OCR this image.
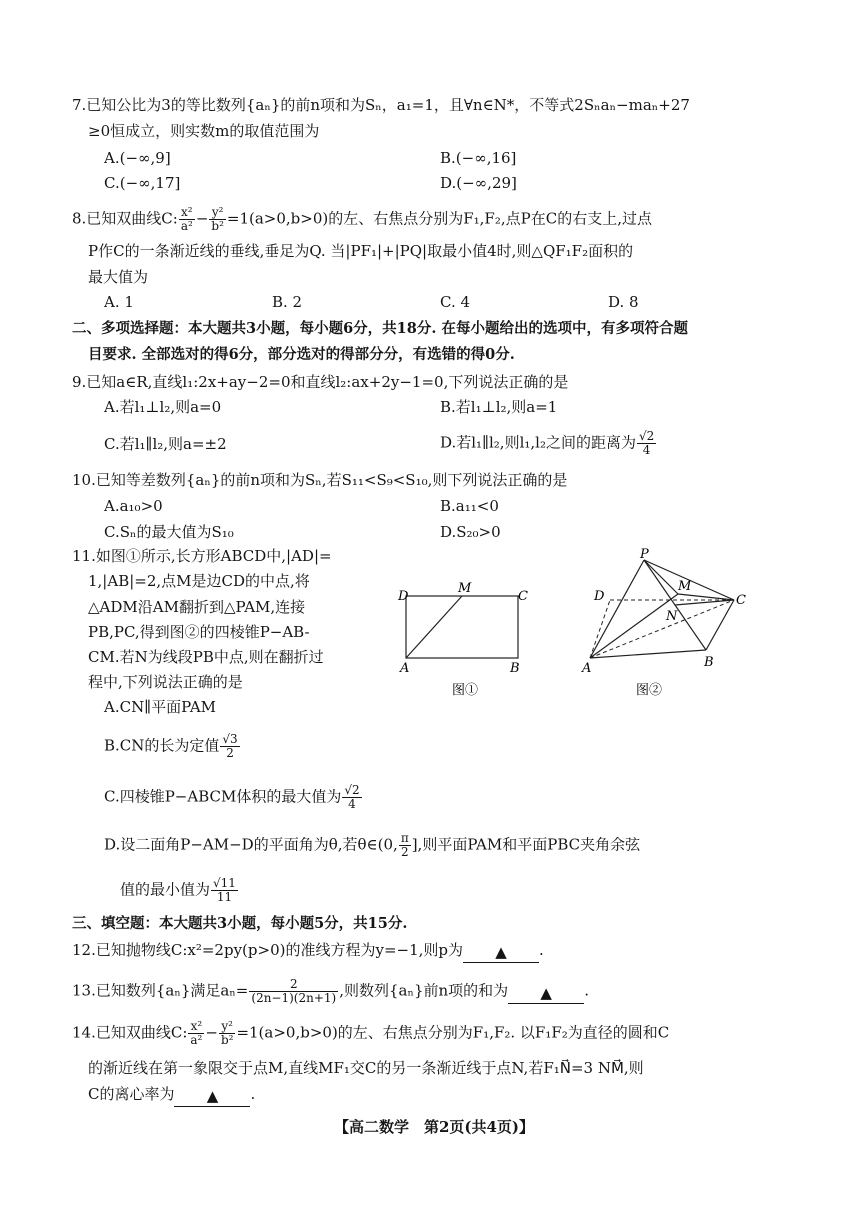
7.已知公比为3的等比数列{aₙ}的前n项和为Sₙ，a₁=1，且∀n∈N*，不等式2Sₙaₙ−maₙ+27
≥0恒成立，则实数m的取值范围为
A.(−∞,9]	B.(−∞,16]
C.(−∞,17]	D.(−∞,29]
8.已知双曲线C: $\frac{\text{x²}}{\text{a²}} - \frac{\text{y²}}{\text{b²}} =1(a>0,b>0)$的左、右焦点分别为F₁,F₂,点P在C的右支上,过点
P作C的一条渐近线的垂线,垂足为Q. 当|PF₁|+|PQ|取最小值4时,则△QF₁F₂面积的
最大值为
A. 1	B. 2	C. 4	D. 8
二、多项选择题：本大题共3小题，每小题6分，共18分. 在每小题给出的选项中，有多项符合题
目要求. 全部选对的得6分，部分选对的得部分分，有选错的得0分.
9.已知a∈R,直线l₁:2x+ay−2=0和直线l₂:ax+2y−1=0,下列说法正确的是
A.若l₁⊥l₂,则a=0	B.若l₁⊥l₂,则a=1
C.若l₁∥l₂,则a=±2	D.若l₁∥l₂,则l₁,l₂之间的距离为 $\frac{√2}{4}$
10.已知等差数列{aₙ}的前n项和为Sₙ,若S₁₁<S₉<S₁₀,则下列说法正确的是
A.a₁₀>0	B.a₁₁<0
C.Sₙ的最大值为S₁₀	D.S₂₀>0
11.如图①所示,长方形ABCD中,|AD|=
1,|AB|=2,点M是边CD的中点,将
△ADM沿AM翻折到△PAM,连接
PB,PC,得到图②的四棱锥P−AB-
CM.若N为线段PB中点,则在翻折过
程中,下列说法正确的是
D
M
C
A	B
图①
P
D
M
C
N
A	B
图②
A.CN∥平面PAM
B.CN的长为定值 $\frac{√3}{2}$
C.四棱锥P−ABCM体积的最大值为 $\frac{√2}{4}$
D.设二面角P−AM−D的平面角为θ,若θ∈(0, $\frac{\pi}{2}$ ],则平面PAM和平面PBC夹角余弦
值的最小值为 $\frac{√11}{11}$
三、填空题：本大题共3小题，每小题5分，共15分.
12.已知抛物线C:x²=2py(p>0)的准线方程为y=−1,则p为 ▲ .
13.已知数列{aₙ}满足$a_n= \frac{2}{(2n-1)(2n+1)}$ ,则数列{aₙ}前n项的和为 ▲ .
14.已知双曲线C: $\frac{\text{x²}}{\text{a²}} - \frac{\text{y²}}{\text{b²}} =1(a>0,b>0)$的左、右焦点分别为F₁,F₂. 以F₁F₂为直径的圆和C
的渐近线在第一象限交于点M,直线MF₁交C的另一条渐近线于点N,若F₁N⃗=3 NM⃗,则
C的离心率为 ▲ .
【高二数学　第2页(共4页)】
